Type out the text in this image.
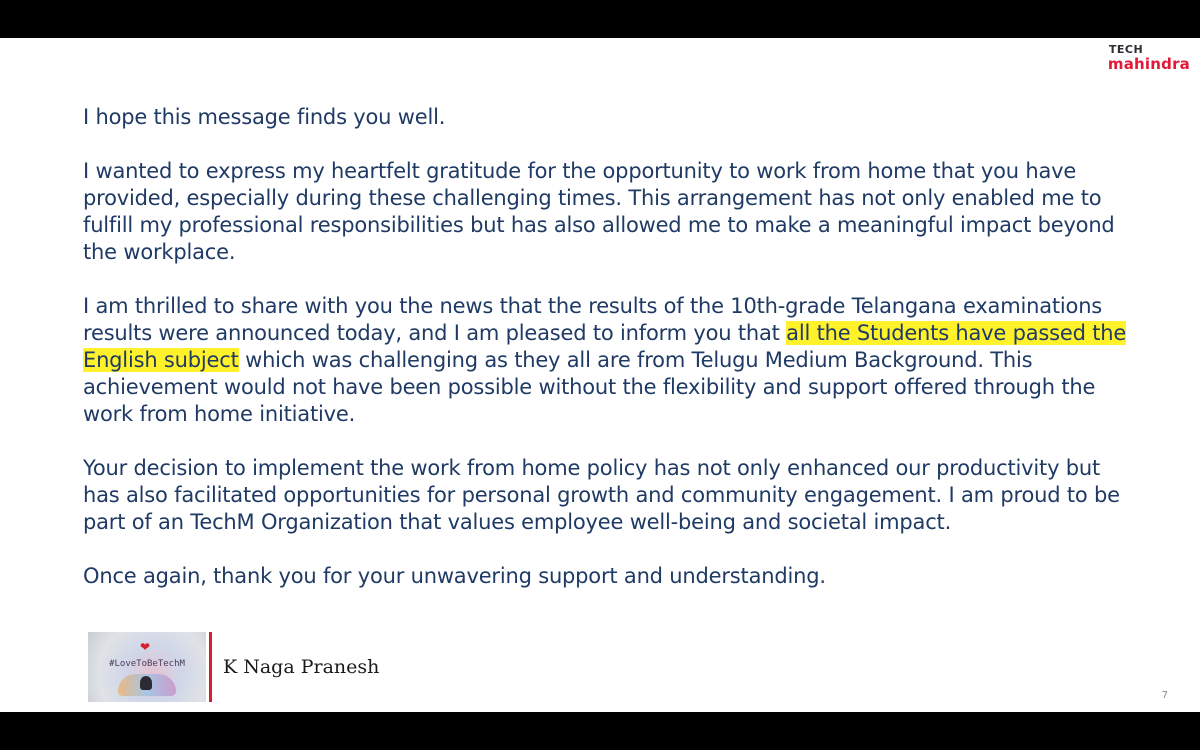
TECH
mahindra

I hope this message finds you well.

I wanted to express my heartfelt gratitude for the opportunity to work from home that you have provided, especially during these challenging times. This arrangement has not only enabled me to fulfill my professional responsibilities but has also allowed me to make a meaningful impact beyond the workplace.

I am thrilled to share with you the news that the results of the 10th-grade Telangana examinations results were announced today, and I am pleased to inform you that all the Students have passed the English subject which was challenging as they all are from Telugu Medium Background. This achievement would not have been possible without the flexibility and support offered through the work from home initiative.

Your decision to implement the work from home policy has not only enhanced our productivity but has also facilitated opportunities for personal growth and community engagement. I am proud to be part of an TechM Organization that values employee well-being and societal impact.

Once again, thank you for your unwavering support and understanding.

❤
#LoveToBeTechM	K Naga Pranesh
7
